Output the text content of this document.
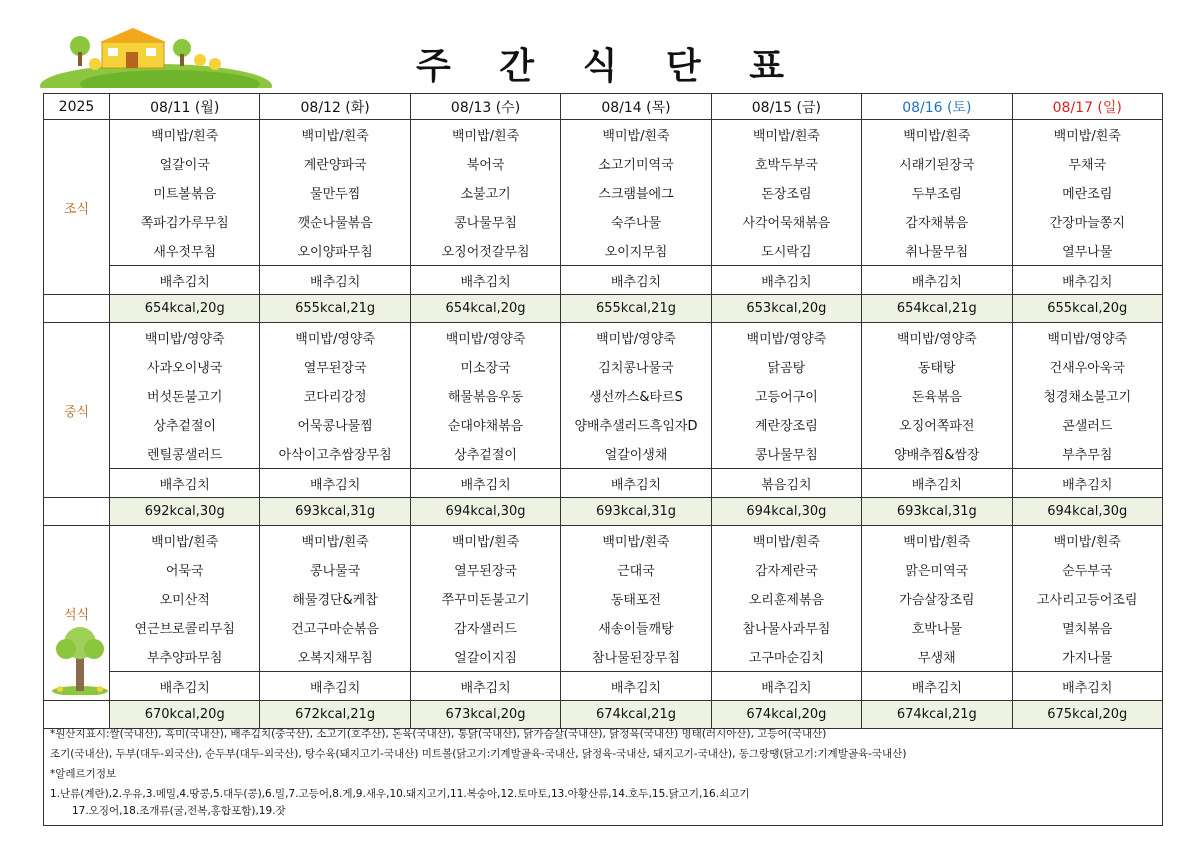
주 간 식 단 표
2025	08/11 (월)	08/12 (화)	08/13 (수)	08/14 (목)	08/15 (금)	08/16 (토)	08/17 (일)
조식	백미밥/흰죽	백미밥/흰죽	백미밥/흰죽	백미밥/흰죽	백미밥/흰죽	백미밥/흰죽	백미밥/흰죽
	얼갈이국	계란양파국	북어국	소고기미역국	호박두부국	시래기된장국	무채국
	미트볼볶음	물만두찜	소불고기	스크램블에그	돈장조림	두부조림	메란조림
	쪽파김가루무침	깻순나물볶음	콩나물무침	숙주나물	사각어묵채볶음	감자채볶음	간장마늘쫑지
	새우젓무침	오이양파무침	오징어젓갈무침	오이지무침	도시락김	취나물무침	열무나물
	배추김치	배추김치	배추김치	배추김치	배추김치	배추김치	배추김치
	654kcal,20g	655kcal,21g	654kcal,20g	655kcal,21g	653kcal,20g	654kcal,21g	655kcal,20g
중식	백미밥/영양죽	백미밥/영양죽	백미밥/영양죽	백미밥/영양죽	백미밥/영양죽	백미밥/영양죽	백미밥/영양죽
	사과오이냉국	열무된장국	미소장국	김치콩나물국	닭곰탕	동태탕	건새우아욱국
	버섯돈불고기	코다리강정	해물볶음우동	생선까스&타르S	고등어구이	돈육볶음	청경채소불고기
	상추겉절이	어묵콩나물찜	순대야채볶음	양배추샐러드흑임자D	계란장조림	오징어쪽파전	콘샐러드
	렌틸콩샐러드	아삭이고추쌈장무침	상추겉절이	얼갈이생채	콩나물무침	양배추찜&쌈장	부추무침
	배추김치	배추김치	배추김치	배추김치	볶음김치	배추김치	배추김치
	692kcal,30g	693kcal,31g	694kcal,30g	693kcal,31g	694kcal,30g	693kcal,31g	694kcal,30g
석식	백미밥/흰죽	백미밥/흰죽	백미밥/흰죽	백미밥/흰죽	백미밥/흰죽	백미밥/흰죽	백미밥/흰죽
	어묵국	콩나물국	열무된장국	근대국	감자계란국	맑은미역국	순두부국
	오미산적	해물경단&케찹	쭈꾸미돈불고기	동태포전	오리훈제볶음	가슴살장조림	고사리고등어조림
	연근브로콜리무침	건고구마순볶음	감자샐러드	새송이들깨탕	참나물사과무침	호박나물	멸치볶음
	부추양파무침	오복지채무침	얼갈이지짐	참나물된장무침	고구마순김치	무생채	가지나물
	배추김치	배추김치	배추김치	배추김치	배추김치	배추김치	배추김치
	670kcal,20g	672kcal,21g	673kcal,20g	674kcal,21g	674kcal,20g	674kcal,21g	675kcal,20g
*원산지표시:쌀(국내산), 흑미(국내산), 배추김치(중국산), 소고기(호주산), 돈육(국내산), 통닭(국내산), 닭가슴살(국내산), 닭정육(국내산) 명태(러시아산), 고등어(국내산)
조기(국내산), 두부(대두-외국산), 순두부(대두-외국산), 탕수육(돼지고기-국내산) 미트볼(닭고기:기계발골육-국내산, 닭정육-국내산, 돼지고기-국내산), 동그랑땡(닭고기:기계발골육-국내산)
*알레르기정보
1.난류(계란),2.우유,3.메밀,4.땅콩,5.대두(콩),6.밀,7.고등어,8.게,9.새우,10.돼지고기,11.복숭아,12.토마토,13.아황산류,14.호두,15.닭고기,16.쇠고기
17.오징어,18.조개류(굴,전복,홍합포함),19.잣
